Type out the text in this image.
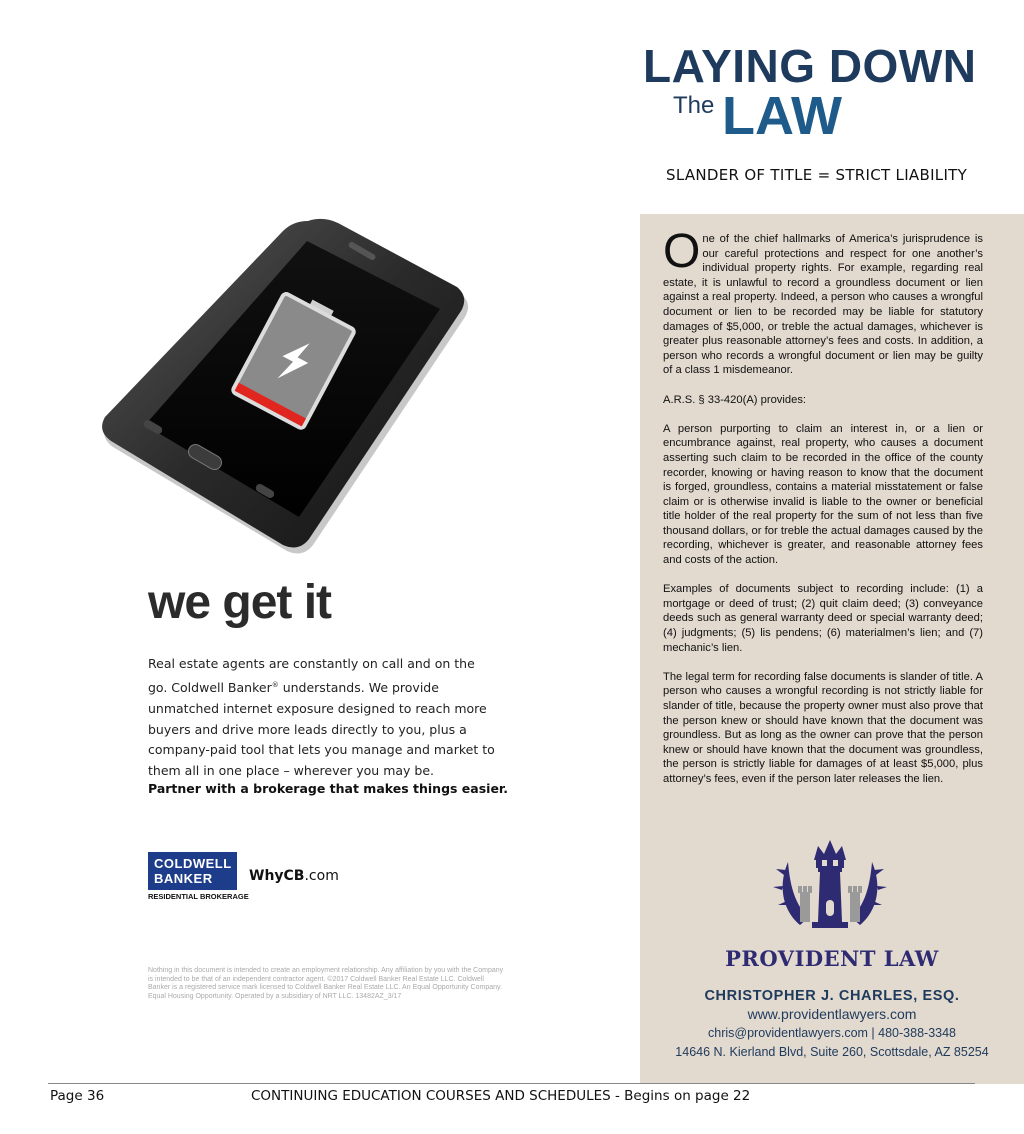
LAYING DOWN
The LAW
SLANDER OF TITLE = STRICT LIABILITY

One of the chief hallmarks of America’s jurisprudence is our careful protections and respect for one another’s individual property rights. For example, regarding real estate, it is unlawful to record a groundless document or lien against a real property. Indeed, a person who causes a wrongful document or lien to be recorded may be liable for statutory damages of $5,000, or treble the actual damages, whichever is greater plus reasonable attorney’s fees and costs. In addition, a person who records a wrongful document or lien may be guilty of a class 1 misdemeanor.

A.R.S. § 33-420(A) provides:

A person purporting to claim an interest in, or a lien or encumbrance against, real property, who causes a document asserting such claim to be recorded in the office of the county recorder, knowing or having reason to know that the document is forged, groundless, contains a material misstatement or false claim or is otherwise invalid is liable to the owner or beneficial title holder of the real property for the sum of not less than five thousand dollars, or for treble the actual damages caused by the recording, whichever is greater, and reasonable attorney fees and costs of the action.

Examples of documents subject to recording include: (1) a mortgage or deed of trust; (2) quit claim deed; (3) conveyance deeds such as general warranty deed or special warranty deed; (4) judgments; (5) lis pendens; (6) materialmen’s lien; and (7) mechanic’s lien.

The legal term for recording false documents is slander of title. A person who causes a wrongful recording is not strictly liable for slander of title, because the property owner must also prove that the person knew or should have known that the document was groundless. But as long as the owner can prove that the person knew or should have known that the document was groundless, the person is strictly liable for damages of at least $5,000, plus attorney’s fees, even if the person later releases the lien.

PROVIDENT LAW
CHRISTOPHER J. CHARLES, ESQ.
www.providentlawyers.com
chris@providentlawyers.com | 480-388-3348
14646 N. Kierland Blvd, Suite 260, Scottsdale, AZ 85254
we get it
Real estate agents are constantly on call and on the go. Coldwell Banker® understands. We provide unmatched internet exposure designed to reach more buyers and drive more leads directly to you, plus a company-paid tool that lets you manage and market to them all in one place – wherever you may be.
Partner with a brokerage that makes things easier.
COLDWELL
BANKER
RESIDENTIAL BROKERAGE
WhyCB.com
Nothing in this document is intended to create an employment relationship. Any affiliation by you with the Company is intended to be that of an independent contractor agent. ©2017 Coldwell Banker Real Estate LLC. Coldwell Banker is a registered service mark licensed to Coldwell Banker Real Estate LLC. An Equal Opportunity Company. Equal Housing Opportunity. Operated by a subsidiary of NRT LLC. 13482AZ_3/17
Page 36	CONTINUING EDUCATION COURSES AND SCHEDULES - Begins on page 22
